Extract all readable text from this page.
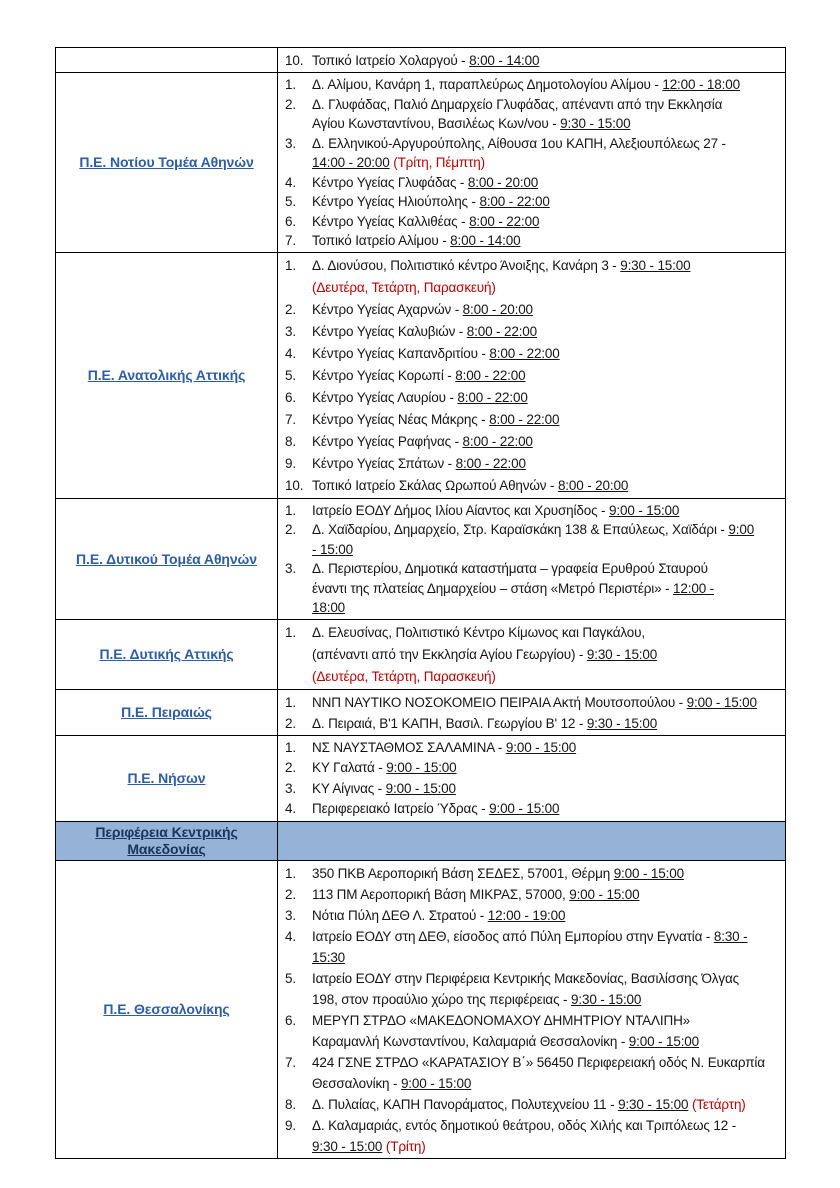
10. Τοπικό Ιατρείο Χολαργού - 8:00 - 14:00
Π.Ε. Νοτίου Τομέα Αθηνών
1.	Δ. Αλίμου, Κανάρη 1, παραπλεύρως Δημοτολογίου Αλίμου - 12:00 - 18:00
2.	Δ. Γλυφάδας, Παλιό Δημαρχείο Γλυφάδας, απέναντι από την Εκκλησία
Αγίου Κωνσταντίνου, Βασιλέως Κων/νου - 9:30 - 15:00
3.	Δ. Ελληνικού-Αργυρούπολης, Αίθουσα 1ου ΚΑΠΗ, Αλεξιουπόλεως 27 -
14:00 - 20:00 (Τρίτη, Πέμπτη)
4.	Κέντρο Υγείας Γλυφάδας - 8:00 - 20:00
5.	Κέντρο Υγείας Ηλιούπολης - 8:00 - 22:00
6.	Κέντρο Υγείας Καλλιθέας - 8:00 - 22:00
7.	Τοπικό Ιατρείο Αλίμου - 8:00 - 14:00
Π.Ε. Ανατολικής Αττικής
1.	Δ. Διονύσου, Πολιτιστικό κέντρο Άνοιξης, Κανάρη 3 - 9:30 - 15:00
(Δευτέρα, Τετάρτη, Παρασκευή)
2.	Κέντρο Υγείας Αχαρνών - 8:00 - 20:00
3.	Κέντρο Υγείας Καλυβιών - 8:00 - 22:00
4.	Κέντρο Υγείας Καπανδριτίου - 8:00 - 22:00
5.	Κέντρο Υγείας Κορωπί - 8:00 - 22:00
6.	Κέντρο Υγείας Λαυρίου - 8:00 - 22:00
7.	Κέντρο Υγείας Νέας Μάκρης - 8:00 - 22:00
8.	Κέντρο Υγείας Ραφήνας - 8:00 - 22:00
9.	Κέντρο Υγείας Σπάτων - 8:00 - 22:00
10. Τοπικό Ιατρείο Σκάλας Ωρωπού Αθηνών - 8:00 - 20:00
Π.Ε. Δυτικού Τομέα Αθηνών
1.	Ιατρείο ΕΟΔΥ Δήμος Ιλίου Αίαντος και Χρυσηίδος - 9:00 - 15:00
2.	Δ. Χαϊδαρίου, Δημαρχείο, Στρ. Καραϊσκάκη 138 & Επαύλεως, Χαϊδάρι - 9:00
- 15:00
3.	Δ. Περιστερίου, Δημοτικά καταστήματα – γραφεία Ερυθρού Σταυρού
έναντι της πλατείας Δημαρχείου – στάση «Μετρό Περιστέρι» - 12:00 -
18:00
Π.Ε. Δυτικής Αττικής
1.	Δ. Ελευσίνας, Πολιτιστικό Κέντρο Κίμωνος και Παγκάλου,
(απέναντι από την Εκκλησία Αγίου Γεωργίου) - 9:30 - 15:00
(Δευτέρα, Τετάρτη, Παρασκευή)
Π.Ε. Πειραιώς
1.	ΝΝΠ ΝΑΥΤΙΚΟ ΝΟΣΟΚΟΜΕΙΟ ΠΕΙΡΑΙΑ Ακτή Μουτσοπούλου - 9:00 - 15:00
2.	Δ. Πειραιά, Β'1 ΚΑΠΗ, Βασιλ. Γεωργίου Β' 12 - 9:30 - 15:00
Π.Ε. Νήσων
1.	ΝΣ ΝΑΥΣΤΑΘΜΟΣ ΣΑΛΑΜΙΝΑ - 9:00 - 15:00
2.	ΚΥ Γαλατά - 9:00 - 15:00
3.	ΚΥ Αίγινας - 9:00 - 15:00
4.	Περιφερειακό Ιατρείο Ύδρας - 9:00 - 15:00
Περιφέρεια Κεντρικής
Μακεδονίας
Π.Ε. Θεσσαλονίκης
1.	350 ΠΚΒ Αεροπορική Βάση ΣΕΔΕΣ, 57001, Θέρμη 9:00 - 15:00
2.	113 ΠΜ Αεροπορική Βάση ΜΙΚΡΑΣ, 57000, 9:00 - 15:00
3.	Νότια Πύλη ΔΕΘ Λ. Στρατού - 12:00 - 19:00
4.	Ιατρείο ΕΟΔΥ στη ΔΕΘ, είσοδος από Πύλη Εμπορίου στην Εγνατία - 8:30 -
15:30
5.	Ιατρείο ΕΟΔΥ στην Περιφέρεια Κεντρικής Μακεδονίας, Βασιλίσσης Όλγας
198, στον προαύλιο χώρο της περιφέρειας - 9:30 - 15:00
6.	ΜΕΡΥΠ ΣΤΡΔΟ «ΜΑΚΕΔΟΝΟΜΑΧΟΥ ΔΗΜΗΤΡΙΟΥ ΝΤΑΛΙΠΗ»
Καραμανλή Κωνσταντίνου, Καλαμαριά Θεσσαλονίκη - 9:00 - 15:00
7.	424 ΓΣΝΕ ΣΤΡΔΟ «ΚΑΡΑΤΑΣΙΟΥ Β΄» 56450 Περιφερειακή οδός Ν. Ευκαρπία
Θεσσαλονίκη - 9:00 - 15:00
8.	Δ. Πυλαίας, ΚΑΠΗ Πανοράματος, Πολυτεχνείου 11 - 9:30 - 15:00 (Τετάρτη)
9.	Δ. Καλαμαριάς, εντός δημοτικού θεάτρου, οδός Χιλής και Τριπόλεως 12 -
9:30 - 15:00 (Τρίτη)
